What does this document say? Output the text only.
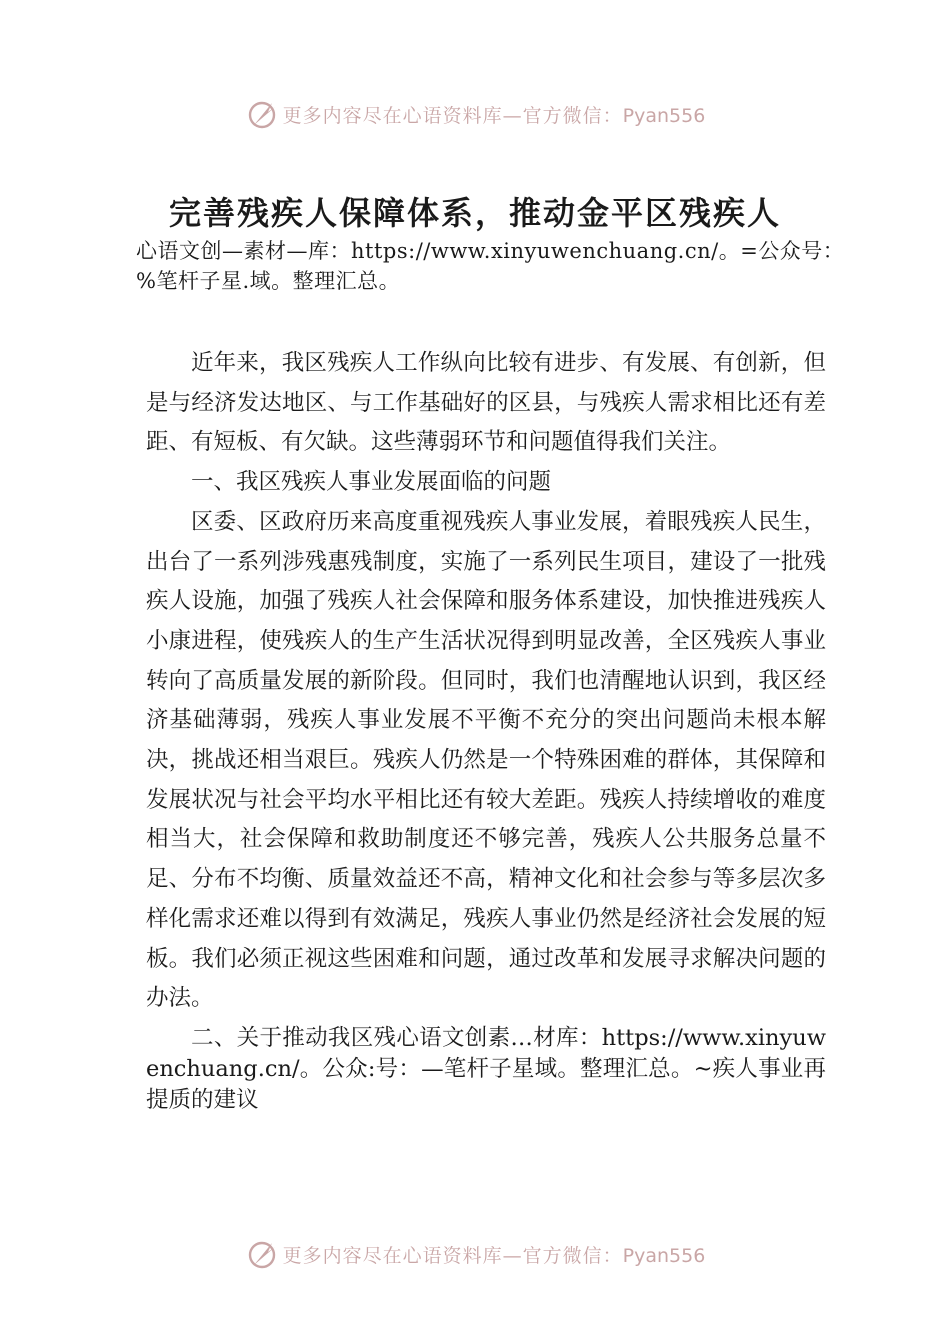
更多内容尽在心语资料库—官方微信：Pyan556
完善残疾人保障体系，推动金平区残疾人
心语文创—素材—库：https://www.xinyuwenchuang.cn/。=公众号：%笔杆子星.域。整理汇总。

近年来，我区残疾人工作纵向比较有进步、有发展、有创新，但是与经济发达地区、与工作基础好的区县，与残疾人需求相比还有差距、有短板、有欠缺。这些薄弱环节和问题值得我们关注。

一、我区残疾人事业发展面临的问题

区委、区政府历来高度重视残疾人事业发展，着眼残疾人民生，出台了一系列涉残惠残制度，实施了一系列民生项目，建设了一批残疾人设施，加强了残疾人社会保障和服务体系建设，加快推进残疾人小康进程，使残疾人的生产生活状况得到明显改善，全区残疾人事业转向了高质量发展的新阶段。但同时，我们也清醒地认识到，我区经济基础薄弱，残疾人事业发展不平衡不充分的突出问题尚未根本解决，挑战还相当艰巨。残疾人仍然是一个特殊困难的群体，其保障和发展状况与社会平均水平相比还有较大差距。残疾人持续增收的难度相当大，社会保障和救助制度还不够完善，残疾人公共服务总量不足、分布不均衡、质量效益还不高，精神文化和社会参与等多层次多样化需求还难以得到有效满足，残疾人事业仍然是经济社会发展的短板。我们必须正视这些困难和问题，通过改革和发展寻求解决问题的办法。

二、关于推动我区残心语文创素…材库：https://www.xinyuwenchuang.cn/。公众:号：—笔杆子星域。整理汇总。~疾人事业再提质的建议

更多内容尽在心语资料库—官方微信：Pyan556
